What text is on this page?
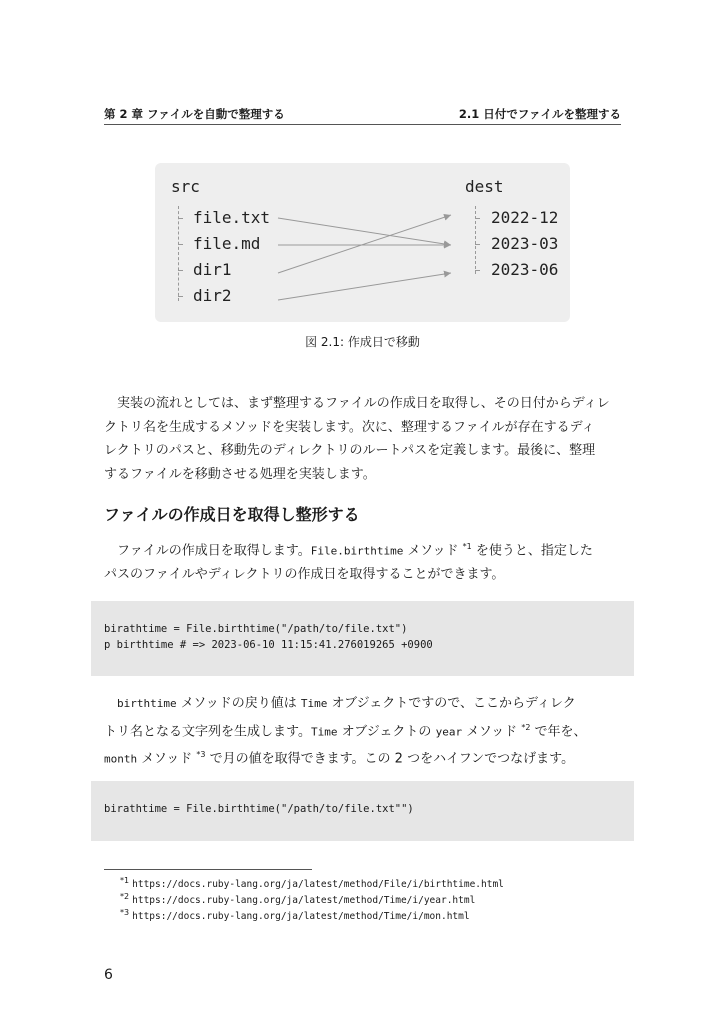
第 2 章 ファイルを自動で整理する	2.1 日付でファイルを整理する
src	dest
file.txt
file.md
dir1
dir2
2022-12
2023-03
2023-06
図 2.1: 作成日で移動
実装の流れとしては、まず整理するファイルの作成日を取得し、その日付からディレ
クトリ名を生成するメソッドを実装します。次に、整理するファイルが存在するディ
レクトリのパスと、移動先のディレクトリのルートパスを定義します。最後に、整理
するファイルを移動させる処理を実装します。
ファイルの作成日を取得し整形する
ファイルの作成日を取得します。File.birthtime メソッド $^{*1}$ を使うと、指定した
パスのファイルやディレクトリの作成日を取得することができます。
birathtime = File.birthtime("/path/to/file.txt")
p birthtime # => 2023-06-10 11:15:41.276019265 +0900
birthtime メソッドの戻り値は Time オブジェクトですので、ここからディレク
トリ名となる文字列を生成します。Time オブジェクトの year メソッド $^{*2}$ で年を、
month メソッド $^{*3}$ で月の値を取得できます。この 2 つをハイフンでつなげます。
birathtime = File.birthtime("/path/to/file.txt"")
$^{*1}$ https://docs.ruby-lang.org/ja/latest/method/File/i/birthtime.html
$^{*2}$ https://docs.ruby-lang.org/ja/latest/method/Time/i/year.html
$^{*3}$ https://docs.ruby-lang.org/ja/latest/method/Time/i/mon.html
6
